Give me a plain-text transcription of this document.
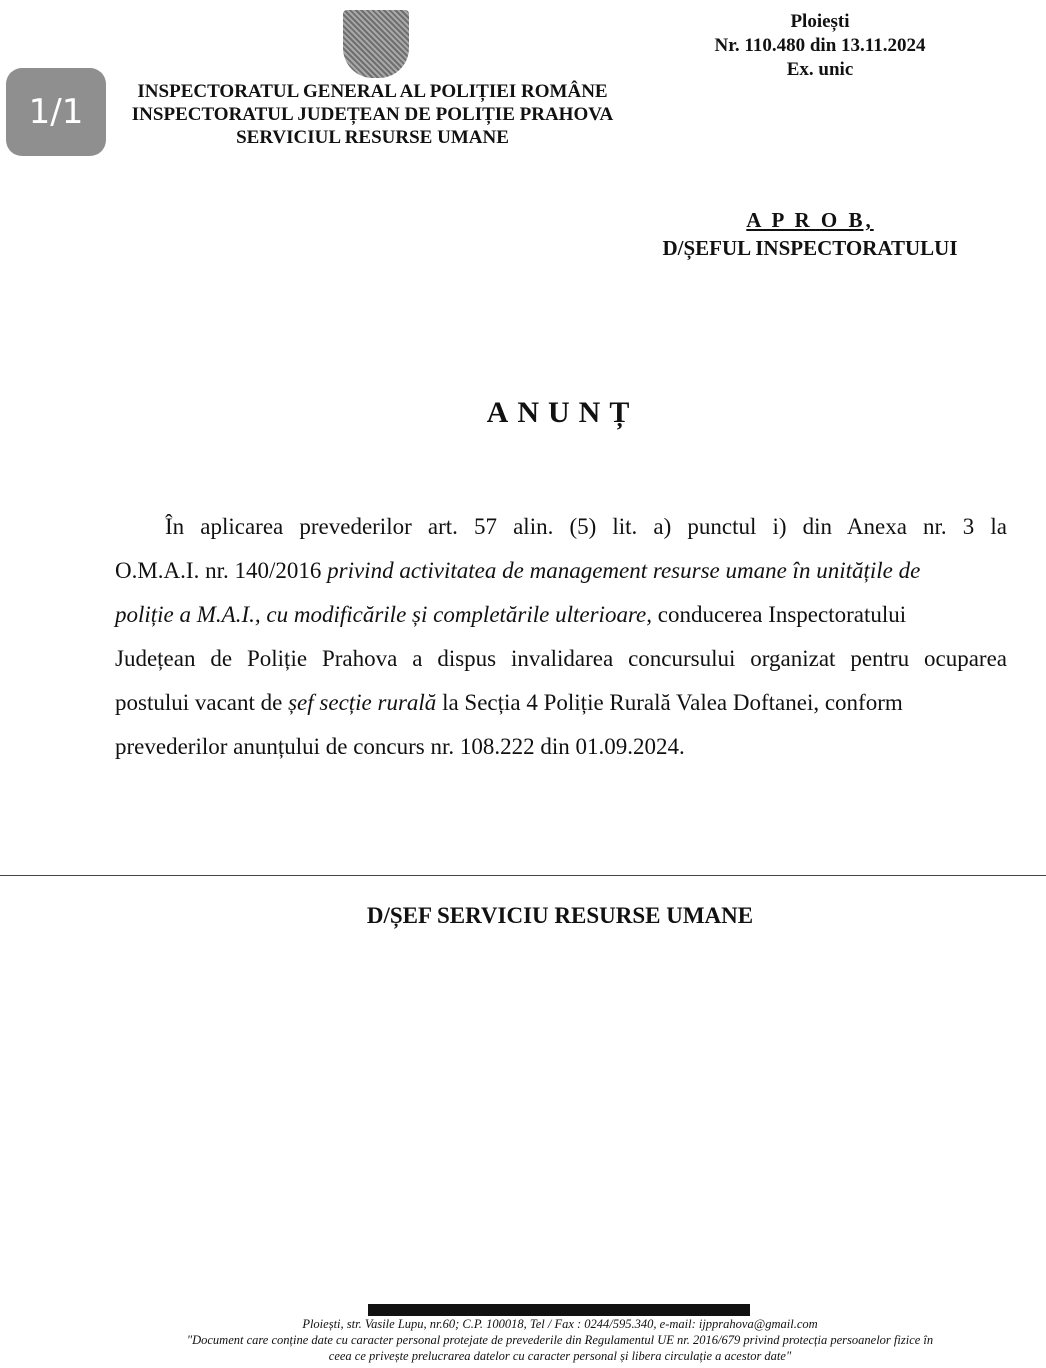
INSPECTORATUL GENERAL AL POLIȚIEI ROMÂNE
INSPECTORATUL JUDEȚEAN DE POLIȚIE PRAHOVA
SERVICIUL RESURSE UMANE
Ploiești
Nr. 110.480 din 13.11.2024
Ex. unic
A P R O B,
D/ȘEFUL INSPECTORATULUI
ANUNȚ
În aplicarea prevederilor art. 57 alin. (5) lit. a) punctul i) din Anexa nr. 3 la
O.M.A.I. nr. 140/2016 privind activitatea de management resurse umane în unitățile de
poliție a M.A.I., cu modificările și completările ulterioare, conducerea Inspectoratului
Județean de Poliție Prahova a dispus invalidarea concursului organizat pentru ocuparea
postului vacant de șef secție rurală la Secția 4 Poliție Rurală Valea Doftanei, conform
prevederilor anunțului de concurs nr. 108.222 din 01.09.2024.
D/ȘEF SERVICIU RESURSE UMANE
Ploiești, str. Vasile Lupu, nr.60; C.P. 100018, Tel / Fax : 0244/595.340, e-mail: ijpprahova@gmail.com
"Document care conține date cu caracter personal protejate de prevederile din Regulamentul UE nr. 2016/679 privind protecția persoanelor fizice în
ceea ce privește prelucrarea datelor cu caracter personal și libera circulație a acestor date"
1/1
